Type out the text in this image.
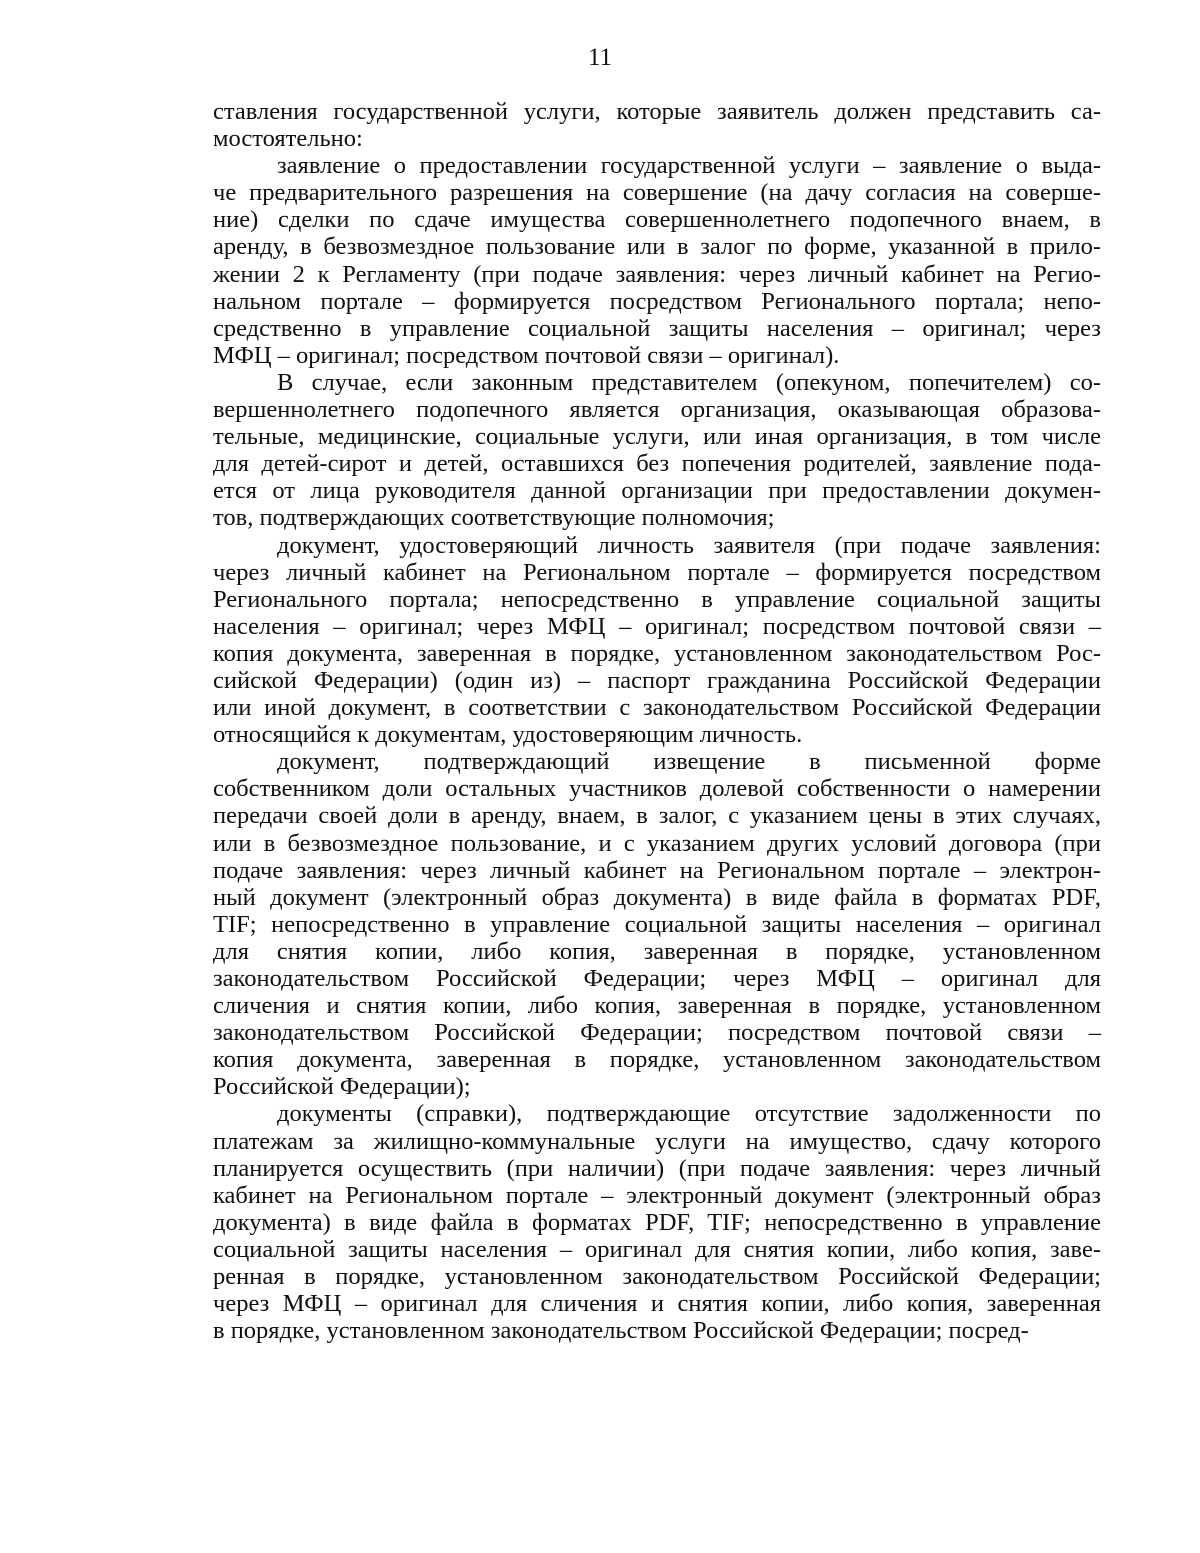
11
ставления государственной услуги, которые заявитель должен представить са-
мостоятельно:
заявление о предоставлении государственной услуги – заявление о выда-
че предварительного разрешения на совершение (на дачу согласия на соверше-
ние) сделки по сдаче имущества совершеннолетнего подопечного внаем, в
аренду, в безвозмездное пользование или в залог по форме, указанной в прило-
жении 2 к Регламенту (при подаче заявления: через личный кабинет на Регио-
нальном портале – формируется посредством Регионального портала; непо-
средственно в управление социальной защиты населения – оригинал; через
МФЦ – оригинал; посредством почтовой связи – оригинал).
В случае, если законным представителем (опекуном, попечителем) со-
вершеннолетнего подопечного является организация, оказывающая образова-
тельные, медицинские, социальные услуги, или иная организация, в том числе
для детей-сирот и детей, оставшихся без попечения родителей, заявление пода-
ется от лица руководителя данной организации при предоставлении докумен-
тов, подтверждающих соответствующие полномочия;
документ, удостоверяющий личность заявителя (при подаче заявления:
через личный кабинет на Региональном портале – формируется посредством
Регионального портала; непосредственно в управление социальной защиты
населения – оригинал; через МФЦ – оригинал; посредством почтовой связи –
копия документа, заверенная в порядке, установленном законодательством Рос-
сийской Федерации) (один из) – паспорт гражданина Российской Федерации
или иной документ, в соответствии с законодательством Российской Федерации
относящийся к документам, удостоверяющим личность.
документ, подтверждающий извещение в письменной форме
собственником доли остальных участников долевой собственности о намерении
передачи своей доли в аренду, внаем, в залог, с указанием цены в этих случаях,
или в безвозмездное пользование, и с указанием других условий договора (при
подаче заявления: через личный кабинет на Региональном портале – электрон-
ный документ (электронный образ документа) в виде файла в форматах PDF,
TIF; непосредственно в управление социальной защиты населения – оригинал
для снятия копии, либо копия, заверенная в порядке, установленном
законодательством Российской Федерации; через МФЦ – оригинал для
сличения и снятия копии, либо копия, заверенная в порядке, установленном
законодательством Российской Федерации; посредством почтовой связи –
копия документа, заверенная в порядке, установленном законодательством
Российской Федерации);
документы (справки), подтверждающие отсутствие задолженности по
платежам за жилищно-коммунальные услуги на имущество, сдачу которого
планируется осуществить (при наличии) (при подаче заявления: через личный
кабинет на Региональном портале – электронный документ (электронный образ
документа) в виде файла в форматах PDF, TIF; непосредственно в управление
социальной защиты населения – оригинал для снятия копии, либо копия, заве-
ренная в порядке, установленном законодательством Российской Федерации;
через МФЦ – оригинал для сличения и снятия копии, либо копия, заверенная
в порядке, установленном законодательством Российской Федерации; посред-
